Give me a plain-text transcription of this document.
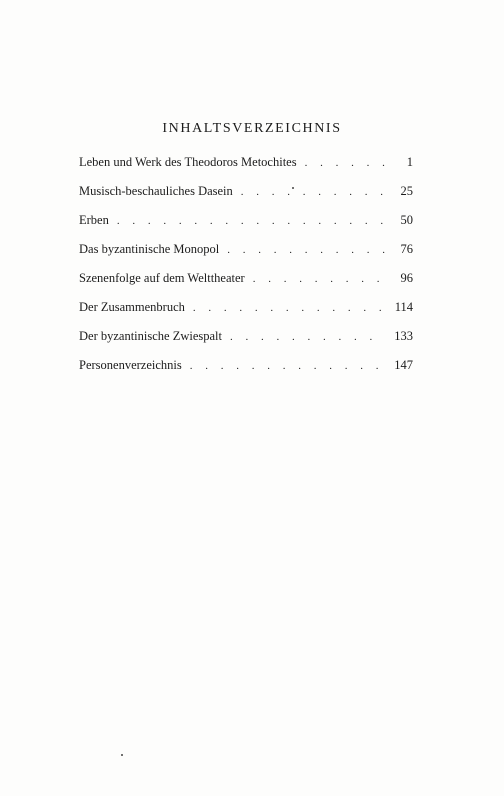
INHALTSVERZEICHNIS
Leben und Werk des Theodoros Metochites . . .	1
Musisch-beschauliches Dasein . . .	25
Erben . . .	50
Das byzantinische Monopol . . .	76
Szenenfolge auf dem Welttheater . . .	96
Der Zusammenbruch . . .	114
Der byzantinische Zwiespalt . . .	133
Personenverzeichnis . . .	147
